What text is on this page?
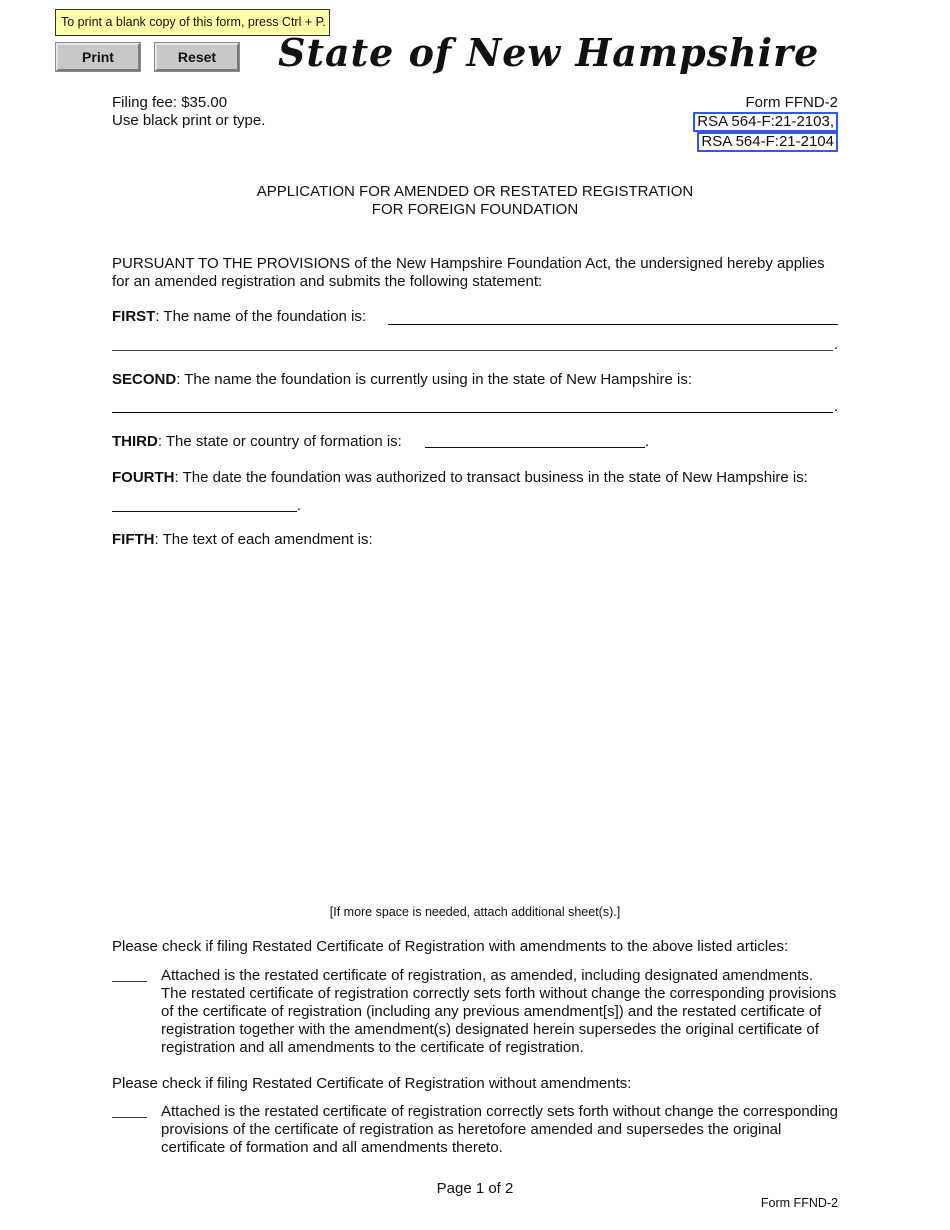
To print a blank copy of this form, press Ctrl + P.
Print	Reset	State of New Hampshire
Filing fee: $35.00
Use black print or type.
Form FFND-2
RSA 564-F:21-2103,
RSA 564-F:21-2104
APPLICATION FOR AMENDED OR RESTATED REGISTRATION
FOR FOREIGN FOUNDATION
PURSUANT TO THE PROVISIONS of the New Hampshire Foundation Act, the undersigned hereby applies for an amended registration and submits the following statement:
FIRST: The name of the foundation is:
.
SECOND: The name the foundation is currently using in the state of New Hampshire is:
.
THIRD: The state or country of formation is:	.
FOURTH: The date the foundation was authorized to transact business in the state of New Hampshire is:
.
FIFTH: The text of each amendment is:
[If more space is needed, attach additional sheet(s).]
Please check if filing Restated Certificate of Registration with amendments to the above listed articles:
Attached is the restated certificate of registration, as amended, including designated amendments. The restated certificate of registration correctly sets forth without change the corresponding provisions of the certificate of registration (including any previous amendment[s]) and the restated certificate of registration together with the amendment(s) designated herein supersedes the original certificate of registration and all amendments to the certificate of registration.
Please check if filing Restated Certificate of Registration without amendments:
Attached is the restated certificate of registration correctly sets forth without change the corresponding provisions of the certificate of registration as heretofore amended and supersedes the original certificate of formation and all amendments thereto.
Page 1 of 2
Form FFND-2
